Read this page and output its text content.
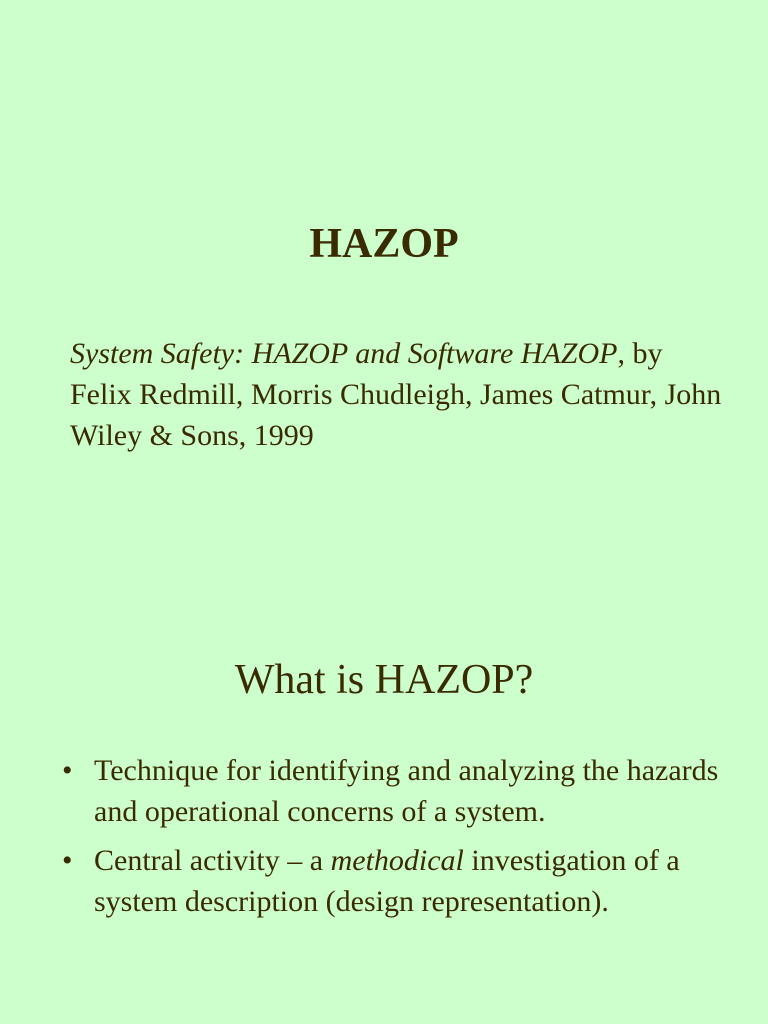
HAZOP

System Safety: HAZOP and Software HAZOP, by Felix Redmill, Morris Chudleigh, James Catmur, John Wiley & Sons, 1999

What is HAZOP?
• Technique for identifying and analyzing the hazards and operational concerns of a system.
• Central activity – a methodical investigation of a system description (design representation).
